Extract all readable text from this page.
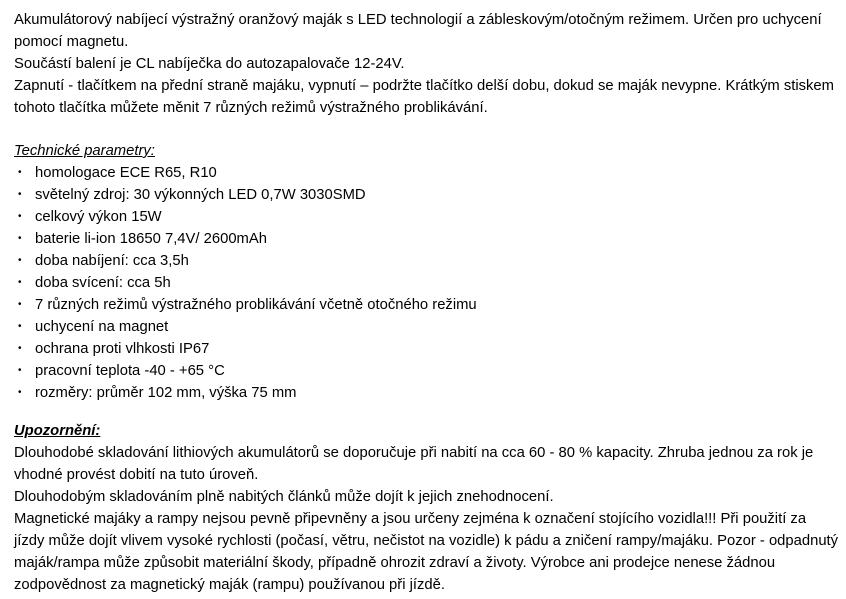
Akumulátorový nabíjecí výstražný oranžový maják s LED technologií a zábleskovým/otočným režimem. Určen pro uchycení pomocí magnetu.

Součástí balení je CL nabíječka do autozapalovače 12-24V.

Zapnutí - tlačítkem na přední straně majáku, vypnutí – podržte tlačítko delší dobu, dokud se maják nevypne. Krátkým stiskem tohoto tlačítka můžete měnit 7 různých režimů výstražného problikávání.

Technické parametry:

• homologace ECE R65, R10
• světelný zdroj: 30 výkonných LED 0,7W 3030SMD
• celkový výkon 15W
• baterie li-ion 18650 7,4V/ 2600mAh
• doba nabíjení: cca 3,5h
• doba svícení: cca 5h
• 7 různých režimů výstražného problikávání včetně otočného režimu
• uchycení na magnet
• ochrana proti vlhkosti IP67
• pracovní teplota -40 - +65 °C
• rozměry: průměr 102 mm, výška 75 mm

Upozornění:

Dlouhodobé skladování lithiových akumulátorů se doporučuje při nabití na cca 60 - 80 % kapacity. Zhruba jednou za rok je vhodné provést dobití na tuto úroveň.

Dlouhodobým skladováním plně nabitých článků může dojít k jejich znehodnocení.

Magnetické majáky a rampy nejsou pevně připevněny a jsou určeny zejména k označení stojícího vozidla!!! Při použití za jízdy může dojít vlivem vysoké rychlosti (počasí, větru, nečistot na vozidle) k pádu a zničení rampy/majáku. Pozor - odpadnutý maják/rampa může způsobit materiální škody, případně ohrozit zdraví a životy. Výrobce ani prodejce nenese žádnou zodpovědnost za magnetický maják (rampu) používanou při jízdě.
